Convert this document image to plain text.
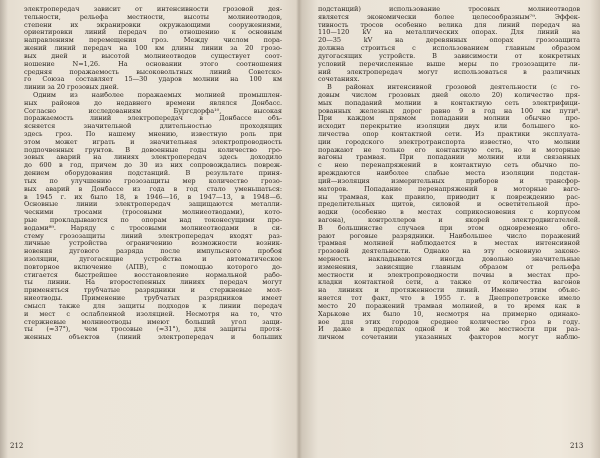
электропередач зависит от интенсивности грозовой дея-
тельности, рельефа местности, высоты молниеотводов,
степени их экранировки окружающими сооружениями,
ориентировки линий передач по отношению к основным
направлениям перемещения гроз. Между числом пора-
жений линий передач на 100 км длины линии за 20 грозо-
вых дней и высотой молниеотводов существует соот-
ношение N=1,26. На основании этого соотношения
средняя поражаемость высоковольтных линий Советско-
го Союза составляет 15—30 ударов молнии на 100 км
линии за 20 грозовых дней.
Одним из наиболее поражаемых молнией промышлен-
ных районов до недавнего времени являлся Донбасс.
Согласно исследованиям Бургсдорфа¹⁰, высокая
поражаемость линий электропередач в Донбассе объ-
ясняется значительной длительностью проходящих
здесь гроз. По нашему мнению, известную роль при
этом может играть и значительная электропроводность
подпочвенных грунтов. В довоенные годы количество гро-
зовых аварий на линиях электропередач здесь доходило
до 600 в год, причем до 30 из них сопровождались повреж-
дением оборудования подстанций. В результате приня-
тых по улучшению грозозащиты мер количество грозо-
вых аварий в Донбассе из года в год стало уменьшаться:
в 1945 г. их было 18, в 1946—16, в 1947—13, в 1948—6.
Основные линии электропередач защищаются металли-
ческими тросами (тросовыми молниеотводами), кото-
рые прокладываются по опорам над токонесущими про-
водами⁸⁹. Наряду с тросовыми молниеотводами в си-
стему грозозащиты линий электропередач входят раз-
личные устройства ограничению возможности возник-
новения дугового разряда после импульсного пробоя
изоляции, дугогасящие устройства и автоматическое
повторное включение (АПВ), с помощью которого до-
стигается быстрейшее восстановление нормальной рабо-
ты линии. На второстепенных линиях передач могут
применяться трубчатые разрядники и стержневые мол-
ниеотводы. Применение трубчатых разрядников имеет
смысл также для защиты подходов к линии передач
и мест с ослабленной изоляцией. Несмотря на то, что
стержневые молниеотводы имеют больший угол защи-
ты (≈37°), чем тросовые (≈31°), для защиты протя-
женных объектов (линий электропередач и больших
212
подстанций) использование тросовых молниеотводов
является экономически более целесообразным⁷⁹. Эффек-
тивность тросов особенно велика для линий передач на
110—120 kV на металлических опорах. Для линий на
20—35 kV на деревянных опорах грозозащита
должна строиться с использованием главным образом
дугогасящих устройств. В зависимости от конкретных
условий перечисленные выше меры по грозозащите ли-
ний электропередач могут использоваться в различных
сочетаниях.
В районах интенсивной грозовой деятельности (с го-
довым числом грозовых дней около 20) количество пря-
мых попаданий молнии в контактную сеть электрифици-
рованных железных дорог равно 9 в год на 100 км пути⁸.
При каждом прямом попадании молнии обычно про-
исходит перекрытие изоляции двух или большего ко-
личества опор контактной сети. Из практики эксплуата-
ции городского электротранспорта известно, что молнии
поражают не только его контактную сеть, но и моторные
вагоны трамвая. При попадании молнии или связанных
с нею перенапряжений в контактную сеть обычно по-
вреждаются наиболее слабые места изоляции подстан-
ций—изоляция измерительных приборов и трансфор-
маторов. Попадание перенапряжений в моторные ваго-
ны трамвая, как правило, приводит к повреждению рас-
пределительных щитов, силовой и осветительной про-
водки (особенно в местах соприкосновения с корпусом
вагона), контроллеров и якорей электродвигателей.
В большинстве случаев при этом одновременно обго-
рают роговые разрядники. Наибольшее число поражений
трамвая молнией наблюдается в местах интенсивной
грозовой деятельности. Однако на эту основную законо-
мерность накладываются иногда довольно значительные
изменения, зависящие главным образом от рельефа
местности и электропроводности почвы в местах про-
кладки контактной сети, а также от количества вагонов
на линиях и протяженности линий. Именно этим объяс-
няется тот факт, что в 1955 г. в Днепропетровске имело
место 20 поражений трамвая молнией, в то время как в
Харькове их было 10, несмотря на примерно одинако-
вое для этих городов среднее количество гроз в году.
И даже в пределах одной и той же местности при раз-
личном сочетании указанных факторов могут наблю-
213
